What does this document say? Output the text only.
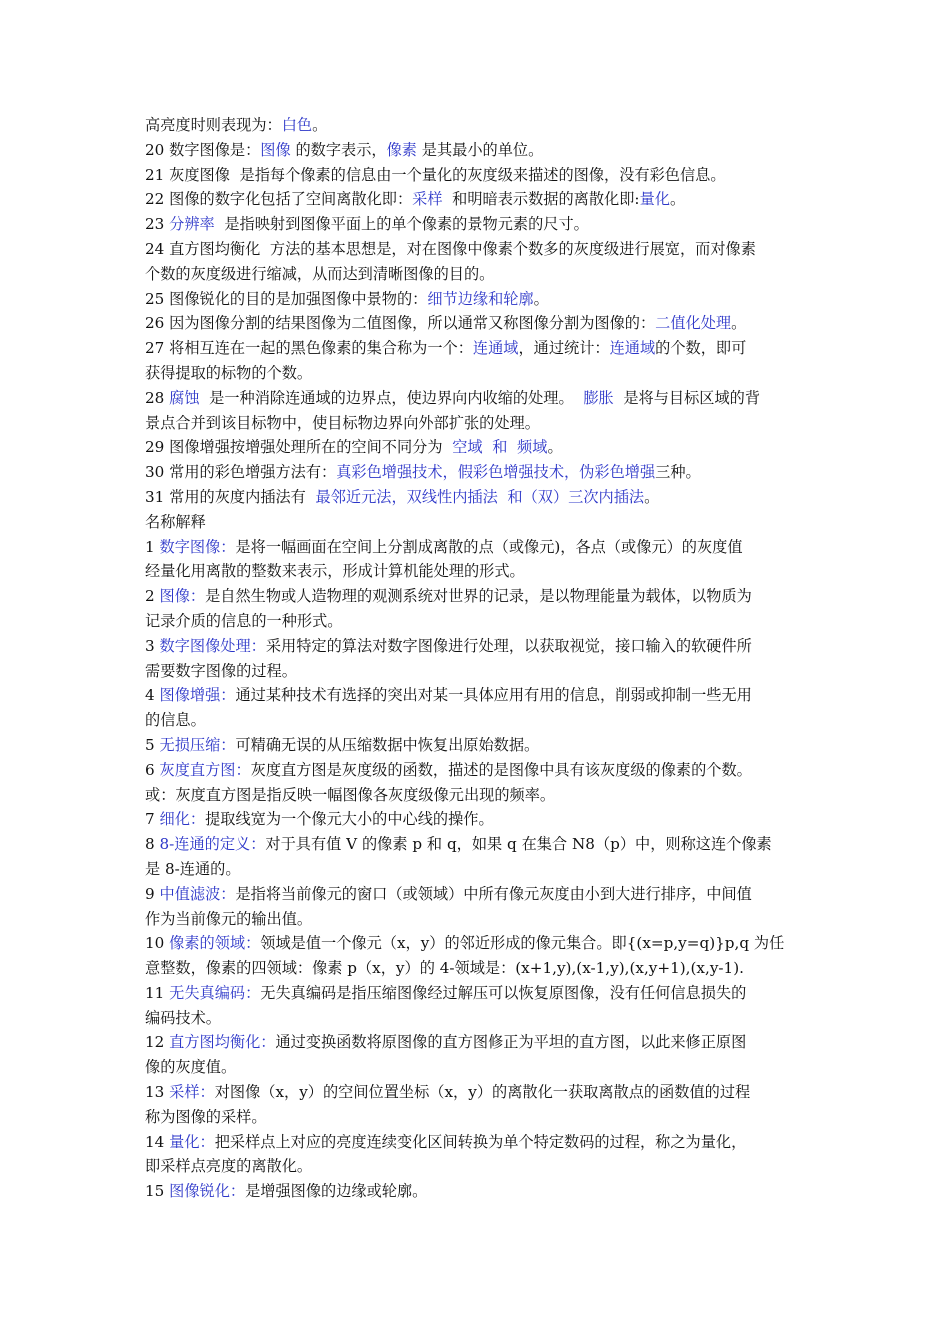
高亮度时则表现为：白色。
20 数字图像是：图像 的数字表示，像素 是其最小的单位。
21 灰度图像  是指每个像素的信息由一个量化的灰度级来描述的图像，没有彩色信息。
22 图像的数字化包括了空间离散化即：采样  和明暗表示数据的离散化即:量化。
23 分辨率  是指映射到图像平面上的单个像素的景物元素的尺寸。
24 直方图均衡化  方法的基本思想是，对在图像中像素个数多的灰度级进行展宽，而对像素
个数的灰度级进行缩减，从而达到清晰图像的目的。
25 图像锐化的目的是加强图像中景物的：细节边缘和轮廓。
26 因为图像分割的结果图像为二值图像，所以通常又称图像分割为图像的：二值化处理。
27 将相互连在一起的黑色像素的集合称为一个：连通域，通过统计：连通域的个数，即可
获得提取的标物的个数。
28 腐蚀  是一种消除连通域的边界点，使边界向内收缩的处理。  膨胀  是将与目标区域的背
景点合并到该目标物中，使目标物边界向外部扩张的处理。
29 图像增强按增强处理所在的空间不同分为  空域  和  频域。
30 常用的彩色增强方法有：真彩色增强技术，假彩色增强技术，伪彩色增强三种。
31 常用的灰度内插法有  最邻近元法，双线性内插法  和（双）三次内插法。
名称解释
1 数字图像：是将一幅画面在空间上分割成离散的点（或像元)，各点（或像元）的灰度值
经量化用离散的整数来表示，形成计算机能处理的形式。
2 图像：是自然生物或人造物理的观测系统对世界的记录，是以物理能量为载体，以物质为
记录介质的信息的一种形式。
3 数字图像处理：采用特定的算法对数字图像进行处理，以获取视觉，接口输入的软硬件所
需要数字图像的过程。
4 图像增强：通过某种技术有选择的突出对某一具体应用有用的信息，削弱或抑制一些无用
的信息。
5 无损压缩：可精确无误的从压缩数据中恢复出原始数据。
6 灰度直方图：灰度直方图是灰度级的函数，描述的是图像中具有该灰度级的像素的个数。
或：灰度直方图是指反映一幅图像各灰度级像元出现的频率。
7 细化：提取线宽为一个像元大小的中心线的操作。
8 8-连通的定义：对于具有值 V 的像素 p 和 q，如果 q 在集合 N8（p）中，则称这连个像素
是 8-连通的。
9 中值滤波：是指将当前像元的窗口（或领域）中所有像元灰度由小到大进行排序，中间值
作为当前像元的输出值。
10 像素的领域：领域是值一个像元（x，y）的邻近形成的像元集合。即{(x=p,y=q)}p,q 为任
意整数，像素的四领域：像素 p（x，y）的 4-领域是：(x+1,y),(x-1,y),(x,y+1),(x,y-1).
11 无失真编码：无失真编码是指压缩图像经过解压可以恢复原图像，没有任何信息损失的
编码技术。
12 直方图均衡化：通过变换函数将原图像的直方图修正为平坦的直方图，以此来修正原图
像的灰度值。
13 采样：对图像（x，y）的空间位置坐标（x，y）的离散化一获取离散点的函数值的过程
称为图像的采样。
14 量化：把采样点上对应的亮度连续变化区间转换为单个特定数码的过程，称之为量化，
即采样点亮度的离散化。
15 图像锐化：是增强图像的边缘或轮廓。
